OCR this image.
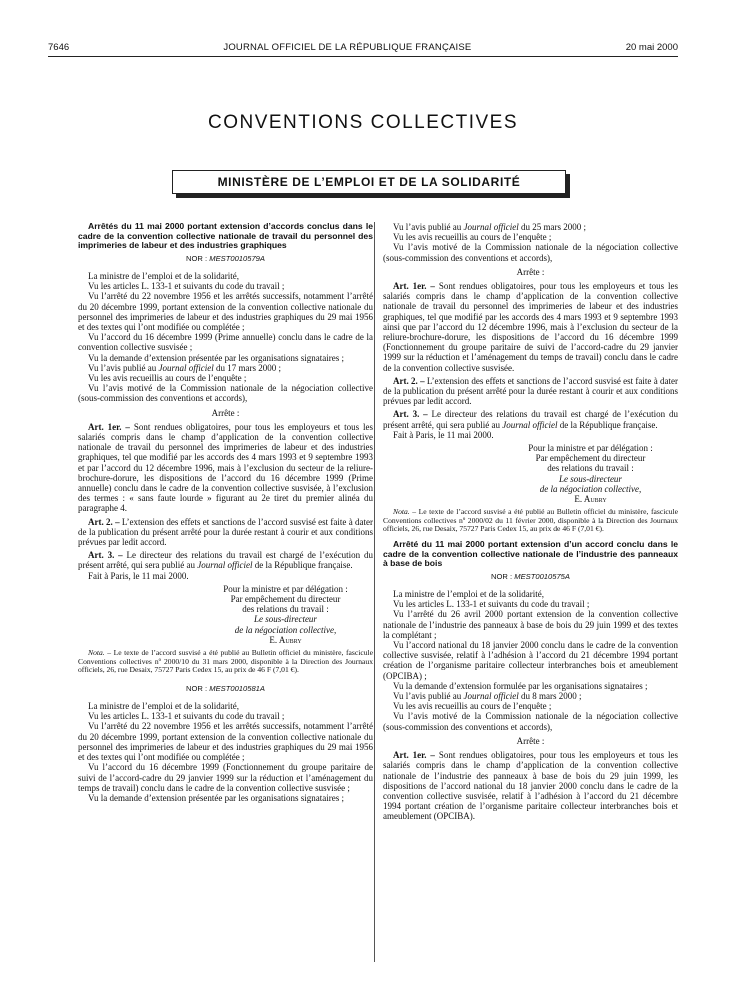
7646	JOURNAL OFFICIEL DE LA RÉPUBLIQUE FRANÇAISE	20 mai 2000
CONVENTIONS COLLECTIVES
MINISTÈRE DE L’EMPLOI ET DE LA SOLIDARITÉ

Arrêtés du 11 mai 2000 portant extension d’accords conclus dans le cadre de la convention collective nationale de travail du personnel des imprimeries de labeur et des industries graphiques

NOR : MEST0010579A

La ministre de l’emploi et de la solidarité,

Vu les articles L. 133-1 et suivants du code du travail ;

Vu l’arrêté du 22 novembre 1956 et les arrêtés successifs, notamment l’arrêté du 20 décembre 1999, portant extension de la convention collective nationale du personnel des imprimeries de labeur et des industries graphiques du 29 mai 1956 et des textes qui l’ont modifiée ou complétée ;

Vu l’accord du 16 décembre 1999 (Prime annuelle) conclu dans le cadre de la convention collective susvisée ;

Vu la demande d’extension présentée par les organisations signataires ;

Vu l’avis publié au Journal officiel du 17 mars 2000 ;

Vu les avis recueillis au cours de l’enquête ;

Vu l’avis motivé de la Commission nationale de la négociation collective (sous-commission des conventions et accords),

Arrête :

Art. 1er. – Sont rendues obligatoires, pour tous les employeurs et tous les salariés compris dans le champ d’application de la convention collective nationale de travail du personnel des imprimeries de labeur et des industries graphiques, tel que modifié par les accords des 4 mars 1993 et 9 septembre 1993 et par l’accord du 12 décembre 1996, mais à l’exclusion du secteur de la reliure-brochure-dorure, les dispositions de l’accord du 16 décembre 1999 (Prime annuelle) conclu dans le cadre de la convention collective susvisée, à l’exclusion des termes : « sans faute lourde » figurant au 2e tiret du premier alinéa du paragraphe 4.

Art. 2. – L’extension des effets et sanctions de l’accord susvisé est faite à dater de la publication du présent arrêté pour la durée restant à courir et aux conditions prévues par ledit accord.

Art. 3. – Le directeur des relations du travail est chargé de l’exécution du présent arrêté, qui sera publié au Journal officiel de la République française.

Fait à Paris, le 11 mai 2000.

Pour la ministre et par délégation :
Par empêchement du directeur
des relations du travail :
Le sous-directeur
de la négociation collective,
E. Aubry

Nota. – Le texte de l’accord susvisé a été publié au Bulletin officiel du ministère, fascicule Conventions collectives nº 2000/10 du 31 mars 2000, disponible à la Direction des Journaux officiels, 26, rue Desaix, 75727 Paris Cedex 15, au prix de 46 F (7,01 €).

NOR : MEST0010581A

La ministre de l’emploi et de la solidarité,

Vu les articles L. 133-1 et suivants du code du travail ;

Vu l’arrêté du 22 novembre 1956 et les arrêtés successifs, notamment l’arrêté du 20 décembre 1999, portant extension de la convention collective nationale du personnel des imprimeries de labeur et des industries graphiques du 29 mai 1956 et des textes qui l’ont modifiée ou complétée ;

Vu l’accord du 16 décembre 1999 (Fonctionnement du groupe paritaire de suivi de l’accord-cadre du 29 janvier 1999 sur la réduction et l’aménagement du temps de travail) conclu dans le cadre de la convention collective susvisée ;

Vu la demande d’extension présentée par les organisations signataires ;

Vu l’avis publié au Journal officiel du 25 mars 2000 ;

Vu les avis recueillis au cours de l’enquête ;

Vu l’avis motivé de la Commission nationale de la négociation collective (sous-commission des conventions et accords),

Arrête :

Art. 1er. – Sont rendues obligatoires, pour tous les employeurs et tous les salariés compris dans le champ d’application de la convention collective nationale de travail du personnel des imprimeries de labeur et des industries graphiques, tel que modifié par les accords des 4 mars 1993 et 9 septembre 1993 ainsi que par l’accord du 12 décembre 1996, mais à l’exclusion du secteur de la reliure-brochure-dorure, les dispositions de l’accord du 16 décembre 1999 (Fonctionnement du groupe paritaire de suivi de l’accord-cadre du 29 janvier 1999 sur la réduction et l’aménagement du temps de travail) conclu dans le cadre de la convention collective susvisée.

Art. 2. – L’extension des effets et sanctions de l’accord susvisé est faite à dater de la publication du présent arrêté pour la durée restant à courir et aux conditions prévues par ledit accord.

Art. 3. – Le directeur des relations du travail est chargé de l’exécution du présent arrêté, qui sera publié au Journal officiel de la République française.

Fait à Paris, le 11 mai 2000.

Pour la ministre et par délégation :
Par empêchement du directeur
des relations du travail :
Le sous-directeur
de la négociation collective,
E. Aubry

Nota. – Le texte de l’accord susvisé a été publié au Bulletin officiel du ministère, fascicule Conventions collectives nº 2000/02 du 11 février 2000, disponible à la Direction des Journaux officiels, 26, rue Desaix, 75727 Paris Cedex 15, au prix de 46 F (7,01 €).

Arrêté du 11 mai 2000 portant extension d’un accord conclu dans le cadre de la convention collective nationale de l’industrie des panneaux à base de bois

NOR : MEST0010575A

La ministre de l’emploi et de la solidarité,

Vu les articles L. 133-1 et suivants du code du travail ;

Vu l’arrêté du 26 avril 2000 portant extension de la convention collective nationale de l’industrie des panneaux à base de bois du 29 juin 1999 et des textes la complétant ;

Vu l’accord national du 18 janvier 2000 conclu dans le cadre de la convention collective susvisée, relatif à l’adhésion à l’accord du 21 décembre 1994 portant création de l’organisme paritaire collecteur interbranches bois et ameublement (OPCIBA) ;

Vu la demande d’extension formulée par les organisations signataires ;

Vu l’avis publié au Journal officiel du 8 mars 2000 ;

Vu les avis recueillis au cours de l’enquête ;

Vu l’avis motivé de la Commission nationale de la négociation collective (sous-commission des conventions et accords),

Arrête :

Art. 1er. – Sont rendues obligatoires, pour tous les employeurs et tous les salariés compris dans le champ d’application de la convention collective nationale de l’industrie des panneaux à base de bois du 29 juin 1999, les dispositions de l’accord national du 18 janvier 2000 conclu dans le cadre de la convention collective susvisée, relatif à l’adhésion à l’accord du 21 décembre 1994 portant création de l’organisme paritaire collecteur interbranches bois et ameublement (OPCIBA).
